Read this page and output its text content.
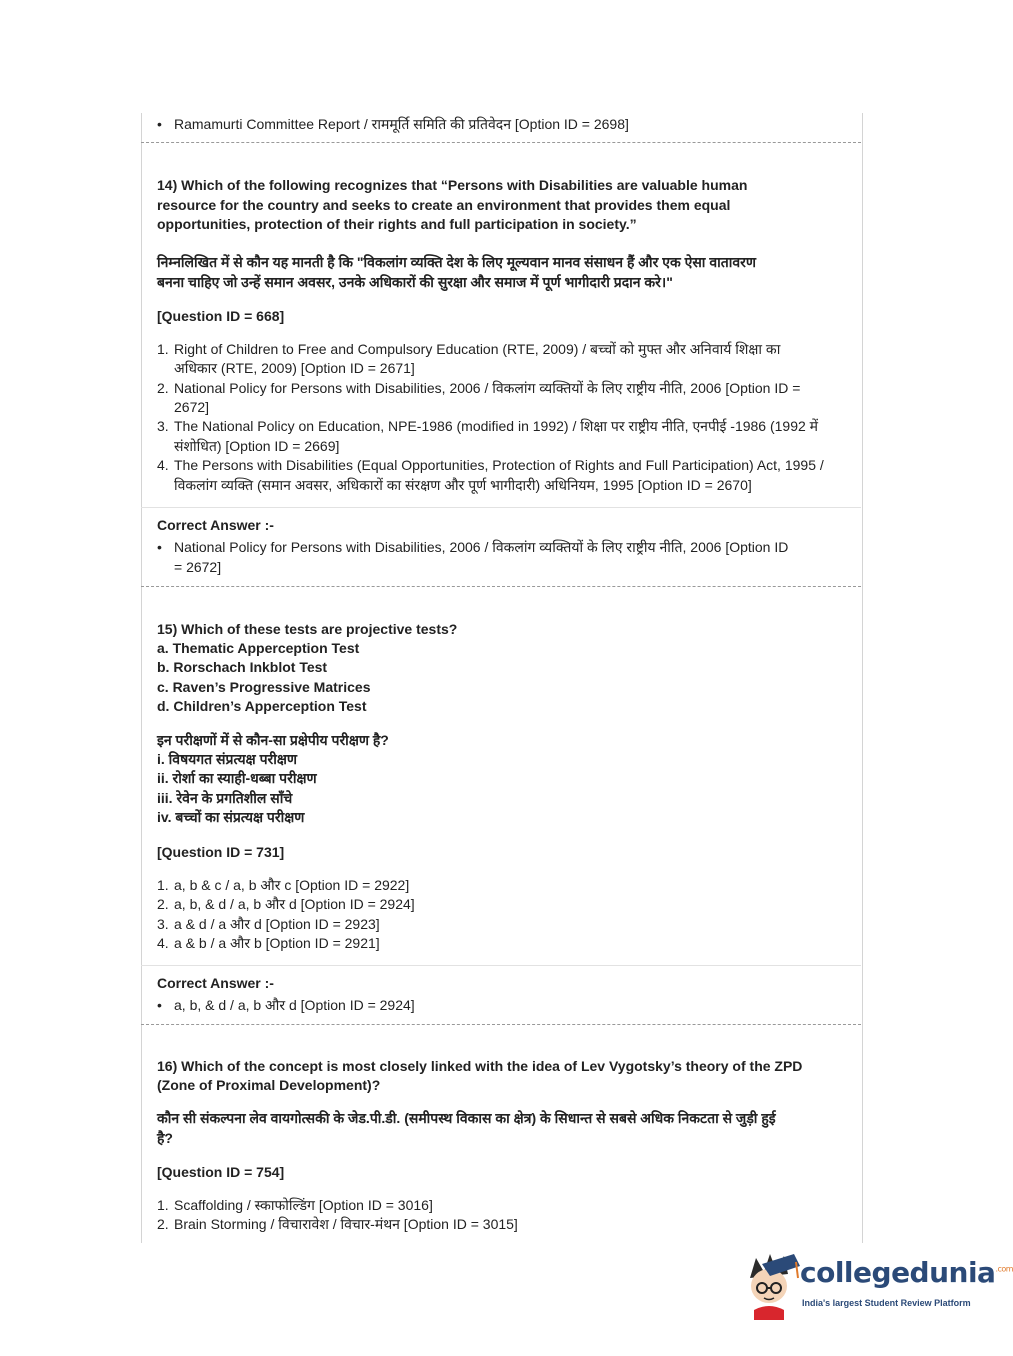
• Ramamurti Committee Report / राममूर्ति समिति की प्रतिवेदन [Option ID = 2698]
14) Which of the following recognizes that “Persons with Disabilities are valuable human
resource for the country and seeks to create an environment that provides them equal
opportunities, protection of their rights and full participation in society.”
निम्नलिखित में से कौन यह मानती है कि "विकलांग व्यक्ति देश के लिए मूल्यवान मानव संसाधन हैं और एक ऐसा वातावरण
बनना चाहिए जो उन्हें समान अवसर, उनके अधिकारों की सुरक्षा और समाज में पूर्ण भागीदारी प्रदान करे।"
[Question ID = 668]
1. Right of Children to Free and Compulsory Education (RTE, 2009) / बच्चों को मुफ्त और अनिवार्य शिक्षा का
अधिकार (RTE, 2009) [Option ID = 2671]
2. National Policy for Persons with Disabilities, 2006 / विकलांग व्यक्तियों के लिए राष्ट्रीय नीति, 2006 [Option ID =
2672]
3. The National Policy on Education, NPE-1986 (modified in 1992) / शिक्षा पर राष्ट्रीय नीति, एनपीई -1986 (1992 में
संशोधित) [Option ID = 2669]
4. The Persons with Disabilities (Equal Opportunities, Protection of Rights and Full Participation) Act, 1995 /
विकलांग व्यक्ति (समान अवसर, अधिकारों का संरक्षण और पूर्ण भागीदारी) अधिनियम, 1995 [Option ID = 2670]
Correct Answer :-
• National Policy for Persons with Disabilities, 2006 / विकलांग व्यक्तियों के लिए राष्ट्रीय नीति, 2006 [Option ID
= 2672]
15) Which of these tests are projective tests?
a. Thematic Apperception Test
b. Rorschach Inkblot Test
c. Raven’s Progressive Matrices
d. Children’s Apperception Test
इन परीक्षणों में से कौन-सा प्रक्षेपीय परीक्षण है?
i. विषयगत संप्रत्यक्ष परीक्षण
ii. रोर्शा का स्याही-धब्बा परीक्षण
iii. रेवेन के प्रगतिशील साँचे
iv. बच्चों का संप्रत्यक्ष परीक्षण
[Question ID = 731]
1. a, b & c / a, b और c [Option ID = 2922]
2. a, b, & d / a, b और d [Option ID = 2924]
3. a & d / a और d [Option ID = 2923]
4. a & b / a और b [Option ID = 2921]
Correct Answer :-
• a, b, & d / a, b और d [Option ID = 2924]
16) Which of the concept is most closely linked with the idea of Lev Vygotsky’s theory of the ZPD
(Zone of Proximal Development)?
कौन सी संकल्पना लेव वायगोत्सकी के जेड.पी.डी. (समीपस्थ विकास का क्षेत्र) के सिधान्त से सबसे अधिक निकटता से जुड़ी हुई
है?
[Question ID = 754]
1. Scaffolding / स्काफोल्डिंग [Option ID = 3016]
2. Brain Storming / विचारावेश / विचार-मंथन [Option ID = 3015]
collegedunia$^{.com}$
India's largest Student Review Platform
